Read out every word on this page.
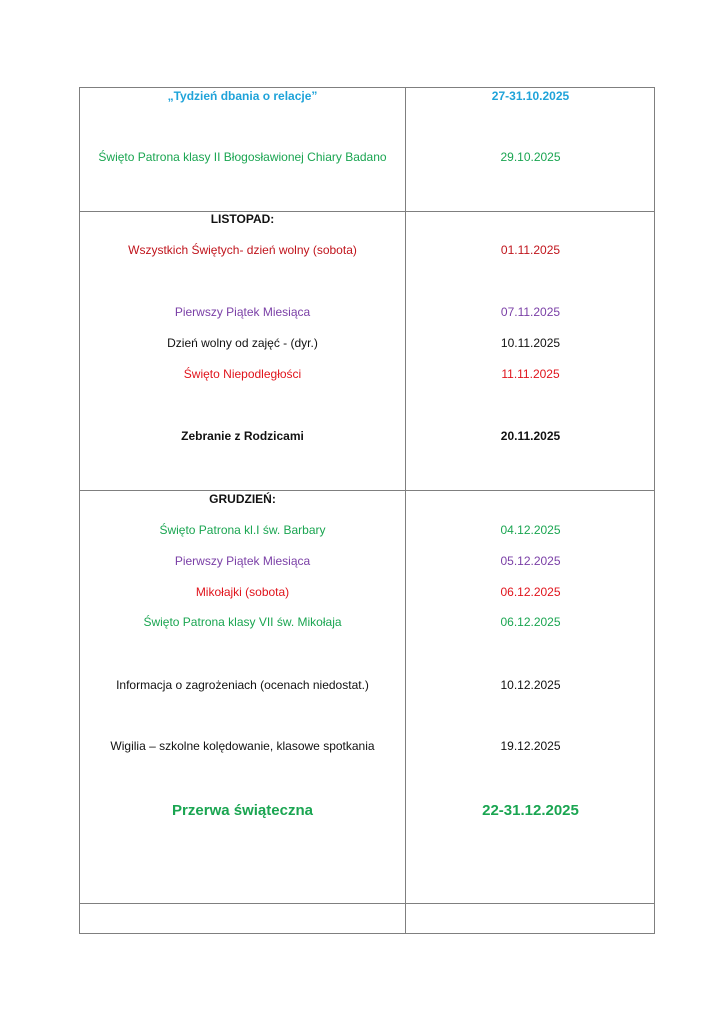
„Tydzień dbania o relacje”	27-31.10.2025
Święto Patrona klasy II Błogosławionej Chiary Badano	29.10.2025
LISTOPAD:
Wszystkich Świętych- dzień wolny (sobota)	01.11.2025
Pierwszy Piątek Miesiąca	07.11.2025
Dzień wolny od zajęć - (dyr.)	10.11.2025
Święto Niepodległości	11.11.2025
Zebranie z Rodzicami	20.11.2025
GRUDZIEŃ:
Święto Patrona kl.I św. Barbary	04.12.2025
Pierwszy Piątek Miesiąca	05.12.2025
Mikołajki (sobota)	06.12.2025
Święto Patrona klasy VII św. Mikołaja	06.12.2025
Informacja o zagrożeniach (ocenach niedostat.)	10.12.2025
Wigilia – szkolne kolędowanie, klasowe spotkania	19.12.2025
Przerwa świąteczna	22-31.12.2025
